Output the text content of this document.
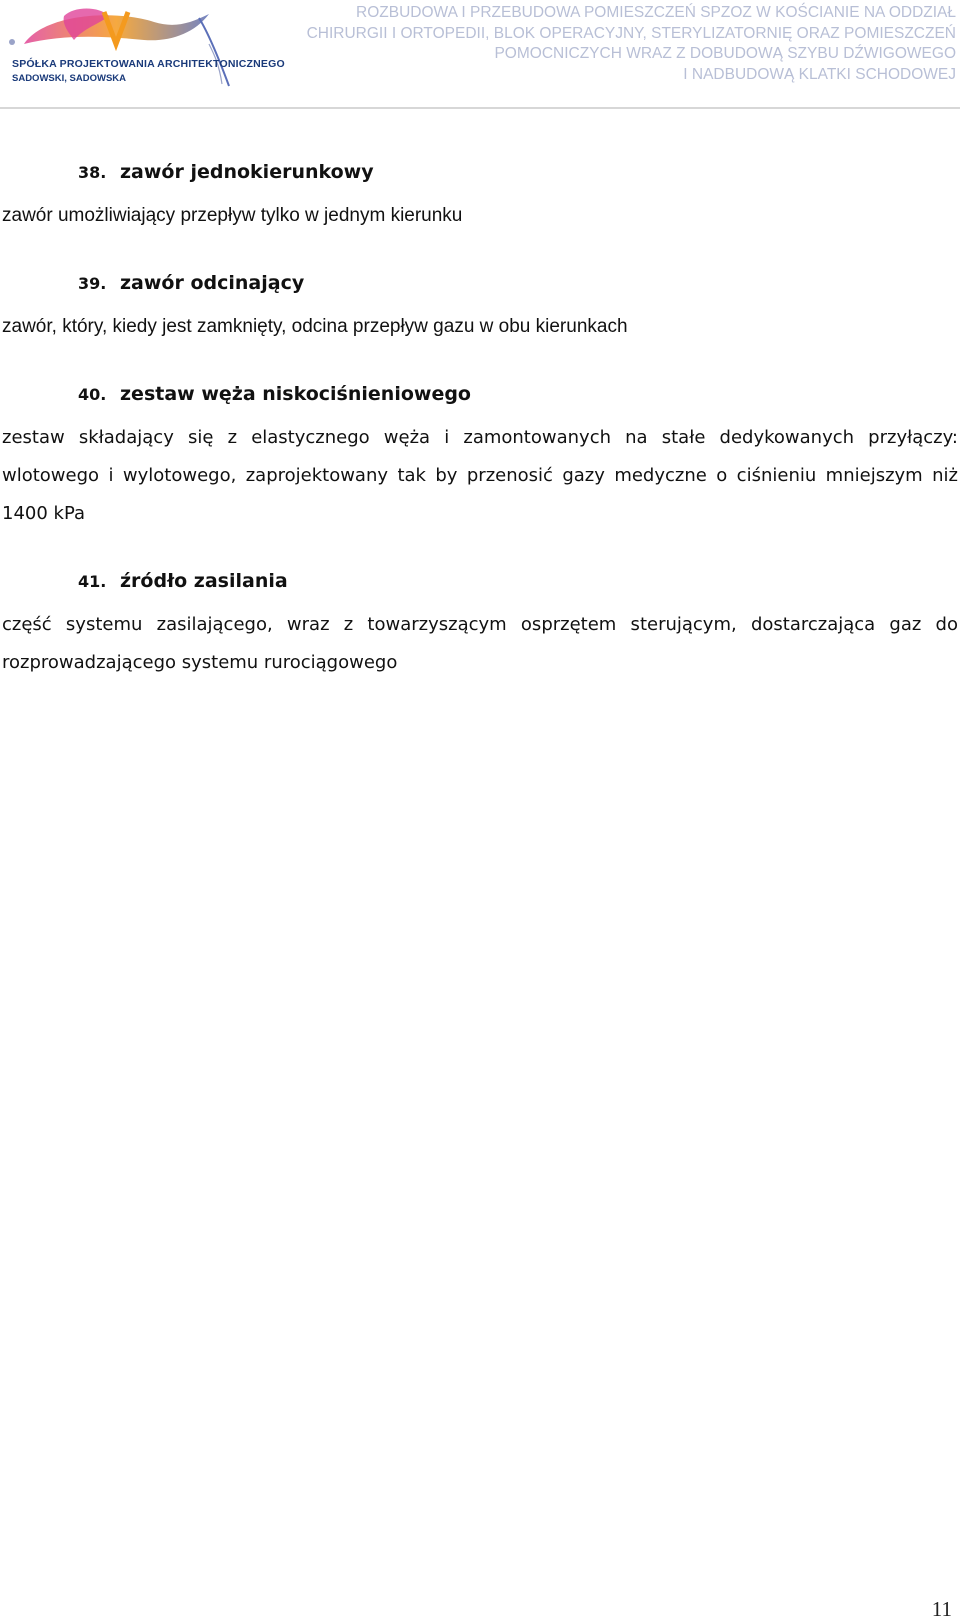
SPÓŁKA PROJEKTOWANIA ARCHITEKTONICZNEGO
SADOWSKI, SADOWSKA
ROZBUDOWA I PRZEBUDOWA POMIESZCZEŃ SPZOZ W KOŚCIANIE NA ODDZIAŁ
CHIRURGII I ORTOPEDII, BLOK OPERACYJNY, STERYLIZATORNIĘ ORAZ POMIESZCZEŃ
POMOCNICZYCH WRAZ Z DOBUDOWĄ SZYBU DŹWIGOWEGO
I NADBUDOWĄ KLATKI SCHODOWEJ
38. zawór jednokierunkowy
zawór umożliwiający przepływ tylko w jednym kierunku
39. zawór odcinający
zawór, który, kiedy jest zamknięty, odcina przepływ gazu w obu kierunkach
40. zestaw węża niskociśnieniowego
zestaw składający się z elastycznego węża i zamontowanych na stałe dedykowanych przyłączy: wlotowego i wylotowego, zaprojektowany tak by przenosić gazy medyczne o ciśnieniu mniejszym niż 1400 kPa
41. źródło zasilania
część systemu zasilającego, wraz z towarzyszącym osprzętem sterującym, dostarczająca gaz do rozprowadzającego systemu rurociągowego
11
